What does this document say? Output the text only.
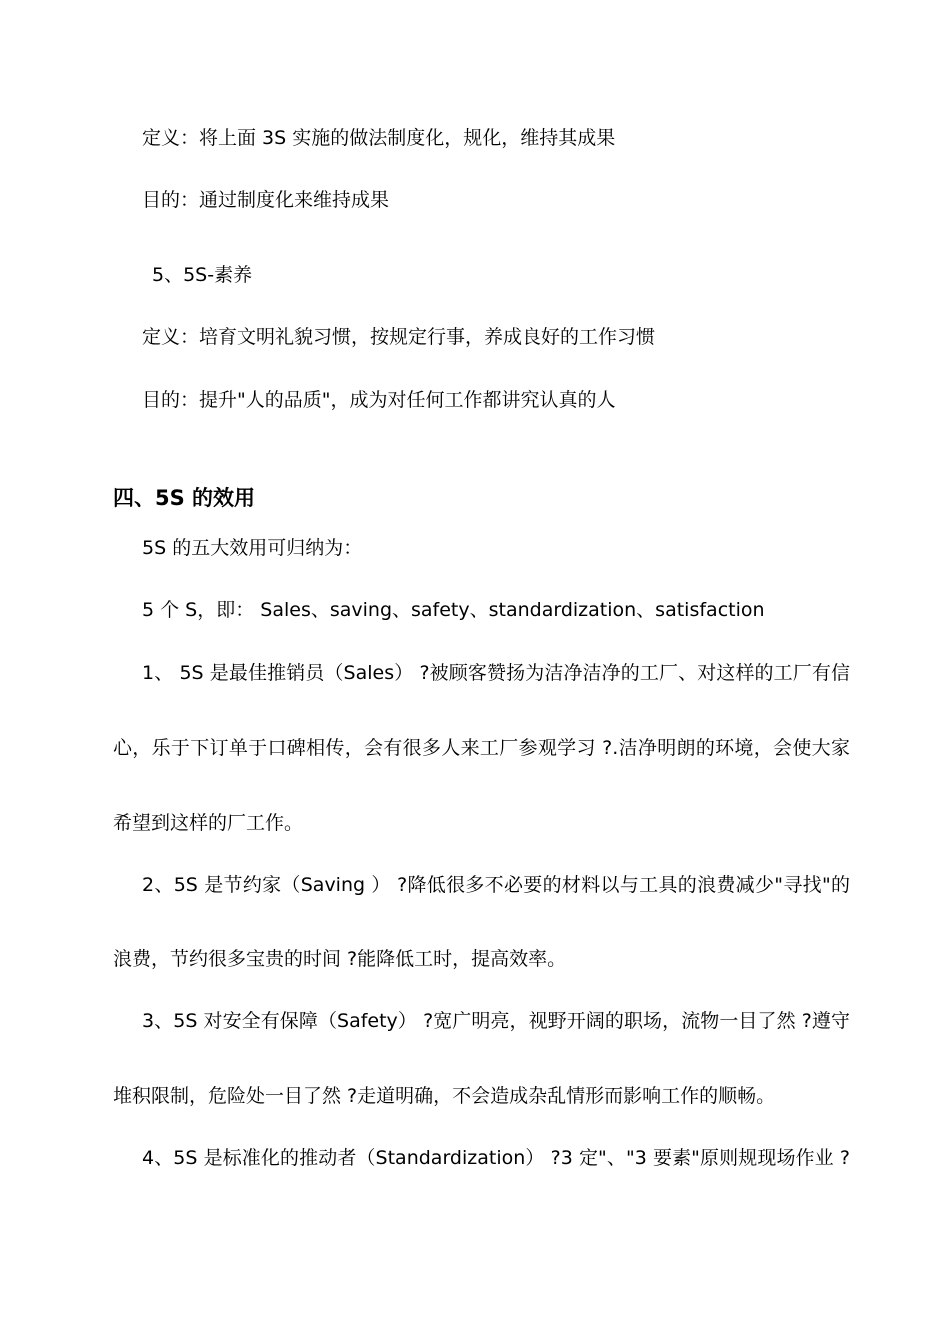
定义：将上面 3S 实施的做法制度化，规化，维持其成果
目的：通过制度化来维持成果
5、5S-素养
定义：培育文明礼貌习惯，按规定行事，养成良好的工作习惯
目的：提升"人的品质"，成为对任何工作都讲究认真的人
四、5S 的效用
5S 的五大效用可归纳为：
5 个 S，即： Sales、saving、safety、standardization、satisfaction
1、 5S 是最佳推销员（Sales） ?被顾客赞扬为洁净洁净的工厂、对这样的工厂有信
心，乐于下订单于口碑相传，会有很多人来工厂参观学习 ?.洁净明朗的环境，会使大家
希望到这样的厂工作。
2、5S 是节约家（Saving ） ?降低很多不必要的材料以与工具的浪费减少"寻找"的
浪费，节约很多宝贵的时间 ?能降低工时，提高效率。
3、5S 对安全有保障（Safety） ?宽广明亮，视野开阔的职场，流物一目了然 ?遵守
堆积限制，危险处一目了然 ?走道明确，不会造成杂乱情形而影响工作的顺畅。
4、5S 是标准化的推动者（Standardization） ?3 定"、"3 要素"原则规现场作业 ?
